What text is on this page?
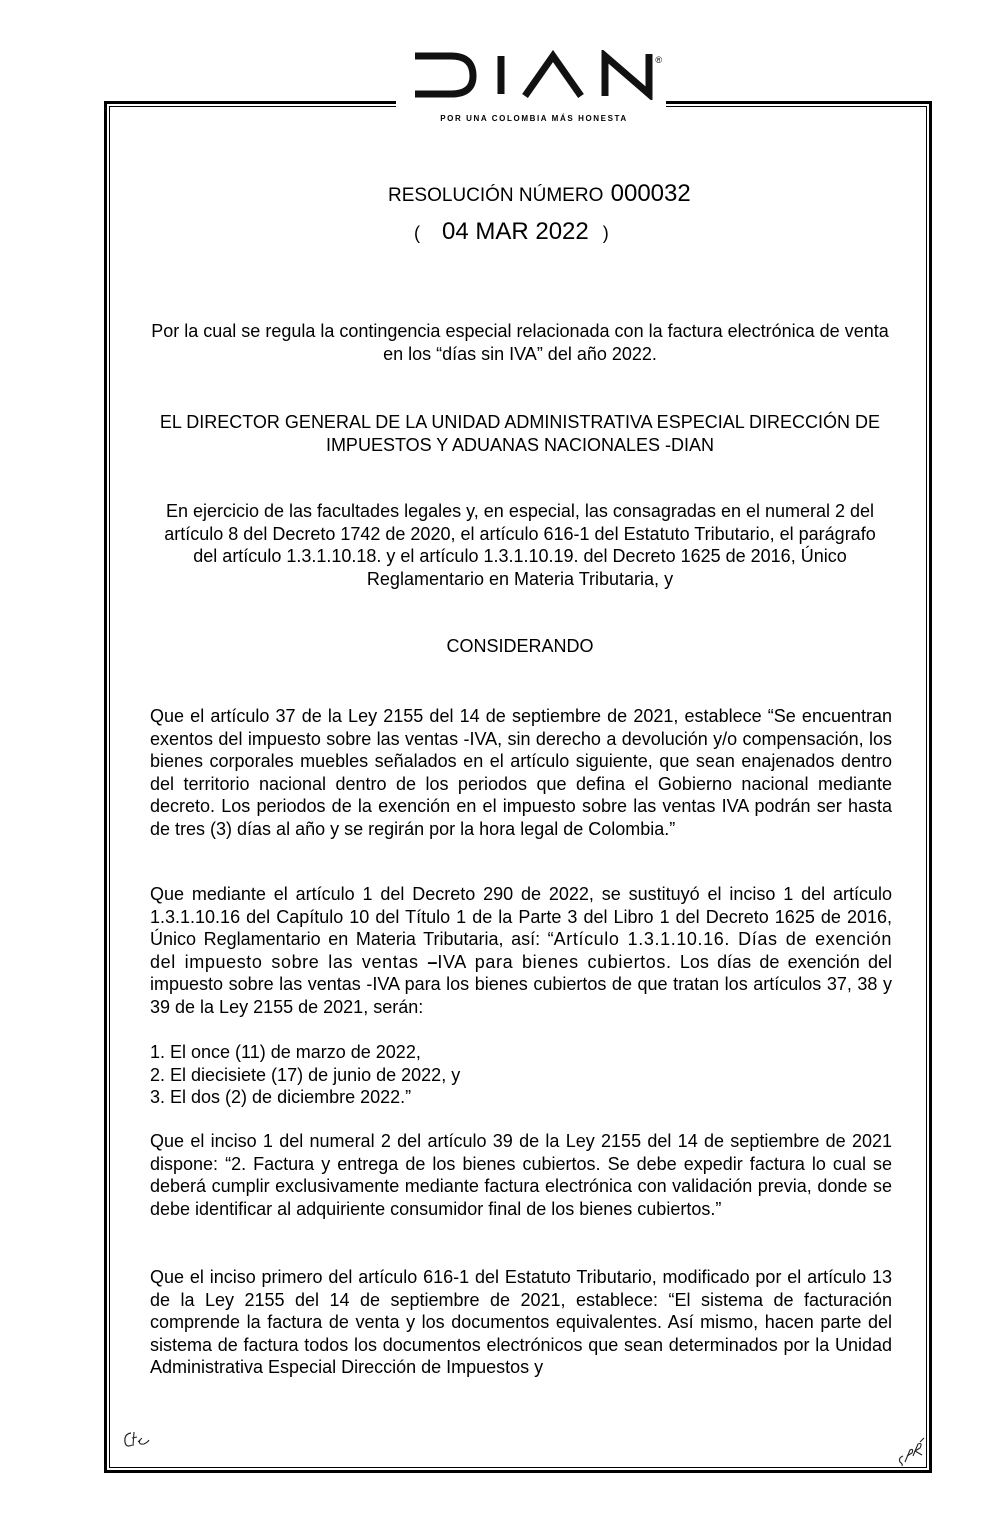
®
POR UNA COLOMBIA MÁS HONESTA
RESOLUCIÓN NÚMERO 000032
( 04 MAR 2022 )
Por la cual se regula la contingencia especial relacionada con la factura electrónica de venta en los “días sin IVA” del año 2022.
EL DIRECTOR GENERAL DE LA UNIDAD ADMINISTRATIVA ESPECIAL DIRECCIÓN DE IMPUESTOS Y ADUANAS NACIONALES -DIAN
En ejercicio de las facultades legales y, en especial, las consagradas en el numeral 2 del artículo 8 del Decreto 1742 de 2020, el artículo 616-1 del Estatuto Tributario, el parágrafo del artículo 1.3.1.10.18. y el artículo 1.3.1.10.19. del Decreto 1625 de 2016, Único Reglamentario en Materia Tributaria, y
CONSIDERANDO
Que el artículo 37 de la Ley 2155 del 14 de septiembre de 2021, establece “Se encuentran exentos del impuesto sobre las ventas -IVA, sin derecho a devolución y/o compensación, los bienes corporales muebles señalados en el artículo siguiente, que sean enajenados dentro del territorio nacional dentro de los periodos que defina el Gobierno nacional mediante decreto. Los periodos de la exención en el impuesto sobre las ventas IVA podrán ser hasta de tres (3) días al año y se regirán por la hora legal de Colombia.”
Que mediante el artículo 1 del Decreto 290 de 2022, se sustituyó el inciso 1 del artículo 1.3.1.10.16 del Capítulo 10 del Título 1 de la Parte 3 del Libro 1 del Decreto 1625 de 2016, Único Reglamentario en Materia Tributaria, así: “Artículo 1.3.1.10.16. Días de exención del impuesto sobre las ventas –IVA para bienes cubiertos. Los días de exención del impuesto sobre las ventas -IVA para los bienes cubiertos de que tratan los artículos 37, 38 y 39 de la Ley 2155 de 2021, serán:
1. El once (11) de marzo de 2022,
2. El diecisiete (17) de junio de 2022, y
3. El dos (2) de diciembre 2022.”
Que el inciso 1 del numeral 2 del artículo 39 de la Ley 2155 del 14 de septiembre de 2021 dispone: “2. Factura y entrega de los bienes cubiertos. Se debe expedir factura lo cual se deberá cumplir exclusivamente mediante factura electrónica con validación previa, donde se debe identificar al adquiriente consumidor final de los bienes cubiertos.”
Que el inciso primero del artículo 616-1 del Estatuto Tributario, modificado por el artículo 13 de la Ley 2155 del 14 de septiembre de 2021, establece: “El sistema de facturación comprende la factura de venta y los documentos equivalentes. Así mismo, hacen parte del sistema de factura todos los documentos electrónicos que sean determinados por la Unidad Administrativa Especial Dirección de Impuestos y
